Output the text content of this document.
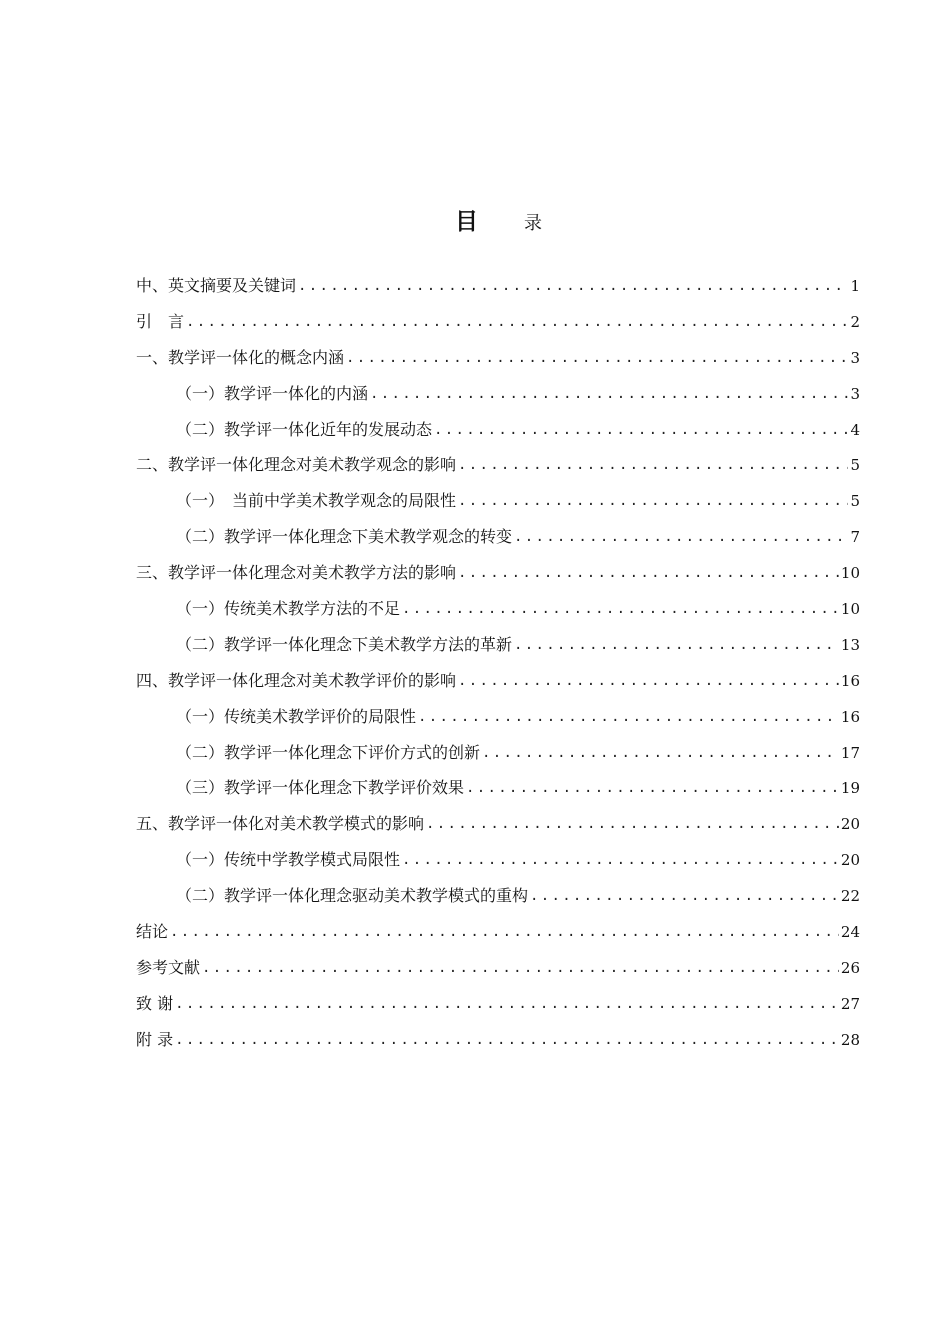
目	录
中、英文摘要及关键词 .....	1
引　言 .....	2
一、教学评一体化的概念内涵 .....	3
（一）教学评一体化的内涵 .....	3
（二）教学评一体化近年的发展动态 .....	4
二、教学评一体化理念对美术教学观念的影响 .....	5
（一）　当前中学美术教学观念的局限性 .....	5
（二）教学评一体化理念下美术教学观念的转变 .....	7
三、教学评一体化理念对美术教学方法的影响 .....	10
（一）传统美术教学方法的不足 .....	10
（二）教学评一体化理念下美术教学方法的革新 .....	13
四、教学评一体化理念对美术教学评价的影响 .....	16
（一）传统美术教学评价的局限性 .....	16
（二）教学评一体化理念下评价方式的创新 .....	17
（三）教学评一体化理念下教学评价效果 .....	19
五、教学评一体化对美术教学模式的影响 .....	20
（一）传统中学教学模式局限性 .....	20
（二）教学评一体化理念驱动美术教学模式的重构 .....	22
结论 .....	24
参考文献 .....	26
致 谢 .....	27
附 录 .....	28
